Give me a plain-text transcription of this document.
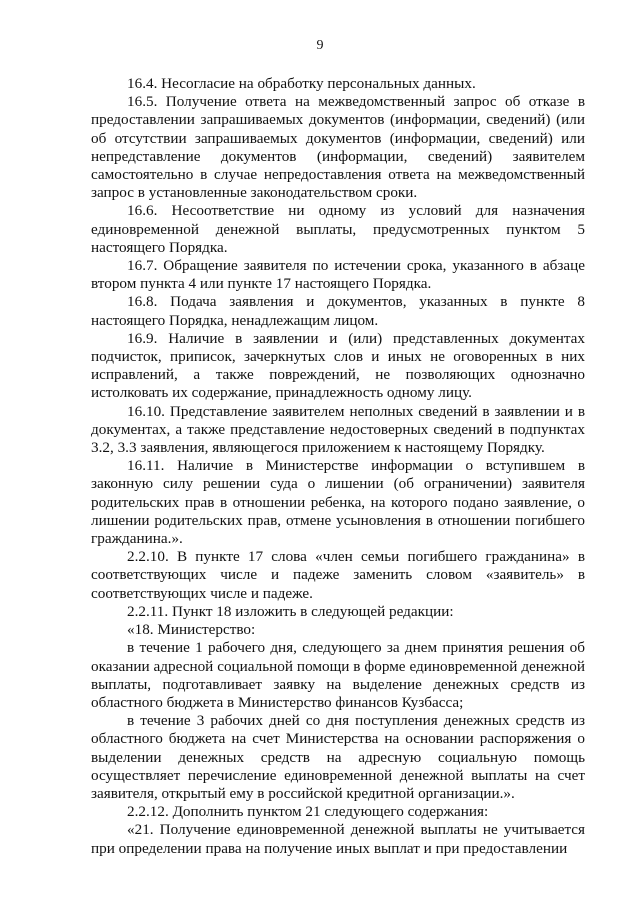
9

16.4. Несогласие на обработку персональных данных.

16.5. Получение ответа на межведомственный запрос об отказе в предоставлении запрашиваемых документов (информации, сведений) (или об отсутствии запрашиваемых документов (информации, сведений) или непредставление документов (информации, сведений) заявителем самостоятельно в случае непредоставления ответа на межведомственный запрос в установленные законодательством сроки.

16.6. Несоответствие ни одному из условий для назначения единовременной денежной выплаты, предусмотренных пунктом 5 настоящего Порядка.

16.7. Обращение заявителя по истечении срока, указанного в абзаце втором пункта 4 или пункте 17 настоящего Порядка.

16.8. Подача заявления и документов, указанных в пункте 8 настоящего Порядка, ненадлежащим лицом.

16.9. Наличие в заявлении и (или) представленных документах подчисток, приписок, зачеркнутых слов и иных не оговоренных в них исправлений, а также повреждений, не позволяющих однозначно истолковать их содержание, принадлежность одному лицу.

16.10. Представление заявителем неполных сведений в заявлении и в документах, а также представление недостоверных сведений в подпунктах 3.2, 3.3 заявления, являющегося приложением к настоящему Порядку.

16.11. Наличие в Министерстве информации о вступившем в законную силу решении суда о лишении (об ограничении) заявителя родительских прав в отношении ребенка, на которого подано заявление, о лишении родительских прав, отмене усыновления в отношении погибшего гражданина.».

2.2.10. В пункте 17 слова «член семьи погибшего гражданина» в соответствующих числе и падеже заменить словом «заявитель» в соответствующих числе и падеже.

2.2.11. Пункт 18 изложить в следующей редакции:

«18. Министерство:

в течение 1 рабочего дня, следующего за днем принятия решения об оказании адресной социальной помощи в форме единовременной денежной выплаты, подготавливает заявку на выделение денежных средств из областного бюджета в Министерство финансов Кузбасса;

в течение 3 рабочих дней со дня поступления денежных средств из областного бюджета на счет Министерства на основании распоряжения о выделении денежных средств на адресную социальную помощь осуществляет перечисление единовременной денежной выплаты на счет заявителя, открытый ему в российской кредитной организации.».

2.2.12. Дополнить пунктом 21 следующего содержания:

«21. Получение единовременной денежной выплаты не учитывается при определении права на получение иных выплат и при предоставлении
